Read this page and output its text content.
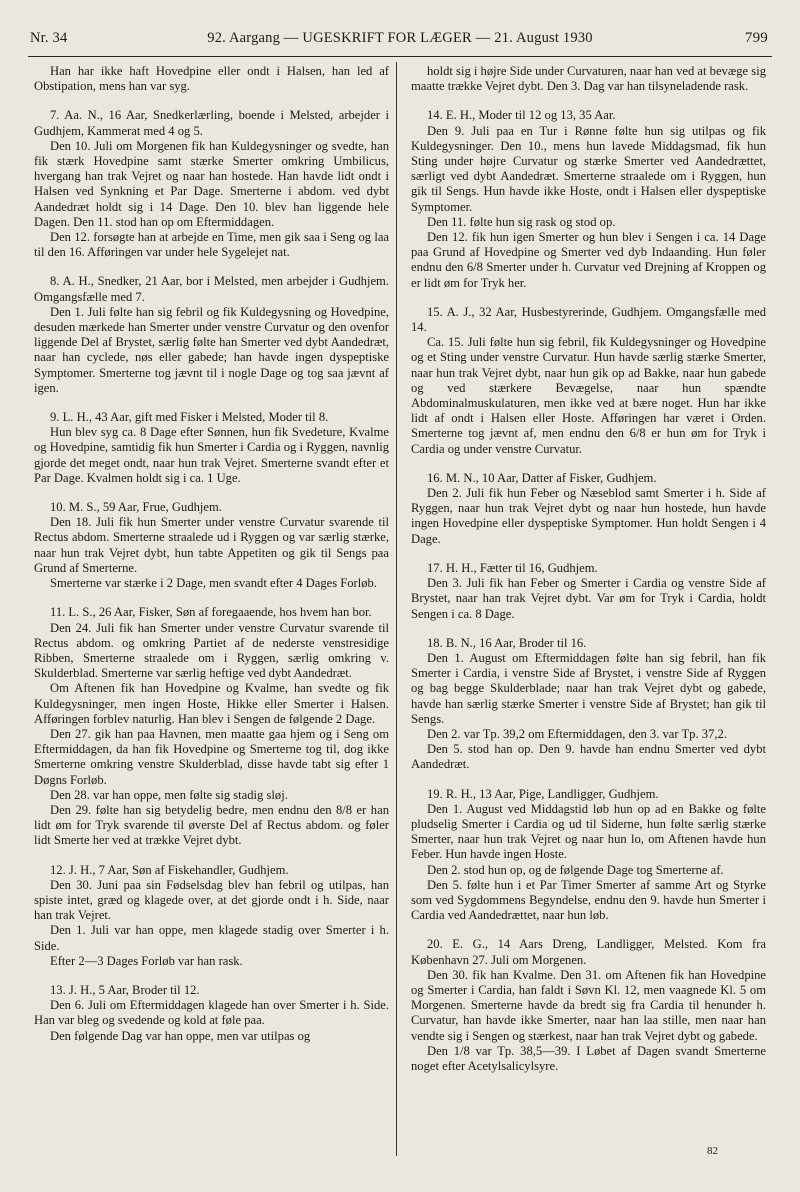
Nr. 34	92. Aargang — UGESKRIFT FOR LÆGER — 21. August 1930	799

Han har ikke haft Hovedpine eller ondt i Halsen, han led af Obstipation, mens han var syg.

7. Aa. N., 16 Aar, Snedkerlærling, boende i Melsted, arbejder i Gudhjem, Kammerat med 4 og 5.

Den 10. Juli om Morgenen fik han Kuldegysninger og svedte, han fik stærk Hovedpine samt stærke Smerter omkring Umbilicus, hvergang han trak Vejret og naar han hostede. Han havde lidt ondt i Halsen ved Synkning et Par Dage. Smerterne i abdom. ved dybt Aandedræt holdt sig i 14 Dage. Den 10. blev han liggende hele Dagen. Den 11. stod han op om Eftermiddagen.

Den 12. forsøgte han at arbejde en Time, men gik saa i Seng og laa til den 16. Afføringen var under hele Sygelejet nat.

8. A. H., Snedker, 21 Aar, bor i Melsted, men arbejder i Gudhjem. Omgangsfælle med 7.

Den 1. Juli følte han sig febril og fik Kuldegysning og Hovedpine, desuden mærkede han Smerter under venstre Curvatur og den ovenfor liggende Del af Brystet, særlig følte han Smerter ved dybt Aandedræt, naar han cyclede, nøs eller gabede; han havde ingen dyspeptiske Symptomer. Smerterne tog jævnt til i nogle Dage og tog saa jævnt af igen.

9. L. H., 43 Aar, gift med Fisker i Melsted, Moder til 8.

Hun blev syg ca. 8 Dage efter Sønnen, hun fik Svedeture, Kvalme og Hovedpine, samtidig fik hun Smerter i Cardia og i Ryggen, navnlig gjorde det meget ondt, naar hun trak Vejret. Smerterne svandt efter et Par Dage. Kvalmen holdt sig i ca. 1 Uge.

10. M. S., 59 Aar, Frue, Gudhjem.

Den 18. Juli fik hun Smerter under venstre Curvatur svarende til Rectus abdom. Smerterne straalede ud i Ryggen og var særlig stærke, naar hun trak Vejret dybt, hun tabte Appetiten og gik til Sengs paa Grund af Smerterne.

Smerterne var stærke i 2 Dage, men svandt efter 4 Dages Forløb.

11. L. S., 26 Aar, Fisker, Søn af foregaaende, hos hvem han bor.

Den 24. Juli fik han Smerter under venstre Curvatur svarende til Rectus abdom. og omkring Partiet af de nederste venstresidige Ribben, Smerterne straalede om i Ryggen, særlig omkring v. Skulderblad. Smerterne var særlig heftige ved dybt Aandedræt.

Om Aftenen fik han Hovedpine og Kvalme, han svedte og fik Kuldegysninger, men ingen Hoste, Hikke eller Smerter i Halsen. Afføringen forblev naturlig. Han blev i Sengen de følgende 2 Dage.

Den 27. gik han paa Havnen, men maatte gaa hjem og i Seng om Eftermiddagen, da han fik Hovedpine og Smerterne tog til, dog ikke Smerterne omkring venstre Skulderblad, disse havde tabt sig efter 1 Døgns Forløb.

Den 28. var han oppe, men følte sig stadig sløj.

Den 29. følte han sig betydelig bedre, men endnu den 8/8 er han lidt øm for Tryk svarende til øverste Del af Rectus abdom. og føler lidt Smerte her ved at trække Vejret dybt.

12. J. H., 7 Aar, Søn af Fiskehandler, Gudhjem.

Den 30. Juni paa sin Fødselsdag blev han febril og utilpas, han spiste intet, græd og klagede over, at det gjorde ondt i h. Side, naar han trak Vejret.

Den 1. Juli var han oppe, men klagede stadig over Smerter i h. Side.

Efter 2—3 Dages Forløb var han rask.

13. J. H., 5 Aar, Broder til 12.

Den 6. Juli om Eftermiddagen klagede han over Smerter i h. Side. Han var bleg og svedende og kold at føle paa.

Den følgende Dag var han oppe, men var utilpas og

holdt sig i højre Side under Curvaturen, naar han ved at bevæge sig maatte trække Vejret dybt. Den 3. Dag var han tilsyneladende rask.

14. E. H., Moder til 12 og 13, 35 Aar.

Den 9. Juli paa en Tur i Rønne følte hun sig utilpas og fik Kuldegysninger. Den 10., mens hun lavede Middagsmad, fik hun Sting under højre Curvatur og stærke Smerter ved Aandedrættet, særligt ved dybt Aandedræt. Smerterne straalede om i Ryggen, hun gik til Sengs. Hun havde ikke Hoste, ondt i Halsen eller dyspeptiske Symptomer.

Den 11. følte hun sig rask og stod op.

Den 12. fik hun igen Smerter og hun blev i Sengen i ca. 14 Dage paa Grund af Hovedpine og Smerter ved dyb Indaanding. Hun føler endnu den 6/8 Smerter under h. Curvatur ved Drejning af Kroppen og er lidt øm for Tryk her.

15. A. J., 32 Aar, Husbestyrerinde, Gudhjem. Omgangsfælle med 14.

Ca. 15. Juli følte hun sig febril, fik Kuldegysninger og Hovedpine og et Sting under venstre Curvatur. Hun havde særlig stærke Smerter, naar hun trak Vejret dybt, naar hun gik op ad Bakke, naar hun gabede og ved stærkere Bevægelse, naar hun spændte Abdominalmuskulaturen, men ikke ved at bære noget. Hun har ikke lidt af ondt i Halsen eller Hoste. Afføringen har været i Orden. Smerterne tog jævnt af, men endnu den 6/8 er hun øm for Tryk i Cardia og under venstre Curvatur.

16. M. N., 10 Aar, Datter af Fisker, Gudhjem.

Den 2. Juli fik hun Feber og Næseblod samt Smerter i h. Side af Ryggen, naar hun trak Vejret dybt og naar hun hostede, hun havde ingen Hovedpine eller dyspeptiske Symptomer. Hun holdt Sengen i 4 Dage.

17. H. H., Fætter til 16, Gudhjem.

Den 3. Juli fik han Feber og Smerter i Cardia og venstre Side af Brystet, naar han trak Vejret dybt. Var øm for Tryk i Cardia, holdt Sengen i ca. 8 Dage.

18. B. N., 16 Aar, Broder til 16.

Den 1. August om Eftermiddagen følte han sig febril, han fik Smerter i Cardia, i venstre Side af Brystet, i venstre Side af Ryggen og bag begge Skulderblade; naar han trak Vejret dybt og gabede, havde han særlig stærke Smerter i venstre Side af Brystet; han gik til Sengs.

Den 2. var Tp. 39,2 om Eftermiddagen, den 3. var Tp. 37,2.

Den 5. stod han op. Den 9. havde han endnu Smerter ved dybt Aandedræt.

19. R. H., 13 Aar, Pige, Landligger, Gudhjem.

Den 1. August ved Middagstid løb hun op ad en Bakke og følte pludselig Smerter i Cardia og ud til Siderne, hun følte særlig stærke Smerter, naar hun trak Vejret og naar hun lo, om Aftenen havde hun Feber. Hun havde ingen Hoste.

Den 2. stod hun op, og de følgende Dage tog Smerterne af.

Den 5. følte hun i et Par Timer Smerter af samme Art og Styrke som ved Sygdommens Begyndelse, endnu den 9. havde hun Smerter i Cardia ved Aandedrættet, naar hun løb.

20. E. G., 14 Aars Dreng, Landligger, Melsted. Kom fra København 27. Juli om Morgenen.

Den 30. fik han Kvalme. Den 31. om Aftenen fik han Hovedpine og Smerter i Cardia, han faldt i Søvn Kl. 12, men vaagnede Kl. 5 om Morgenen. Smerterne havde da bredt sig fra Cardia til henunder h. Curvatur, han havde ikke Smerter, naar han laa stille, men naar han vendte sig i Sengen og stærkest, naar han trak Vejret dybt og gabede.

Den 1/8 var Tp. 38,5—39. I Løbet af Dagen svandt Smerterne noget efter Acetylsalicylsyre.

82
